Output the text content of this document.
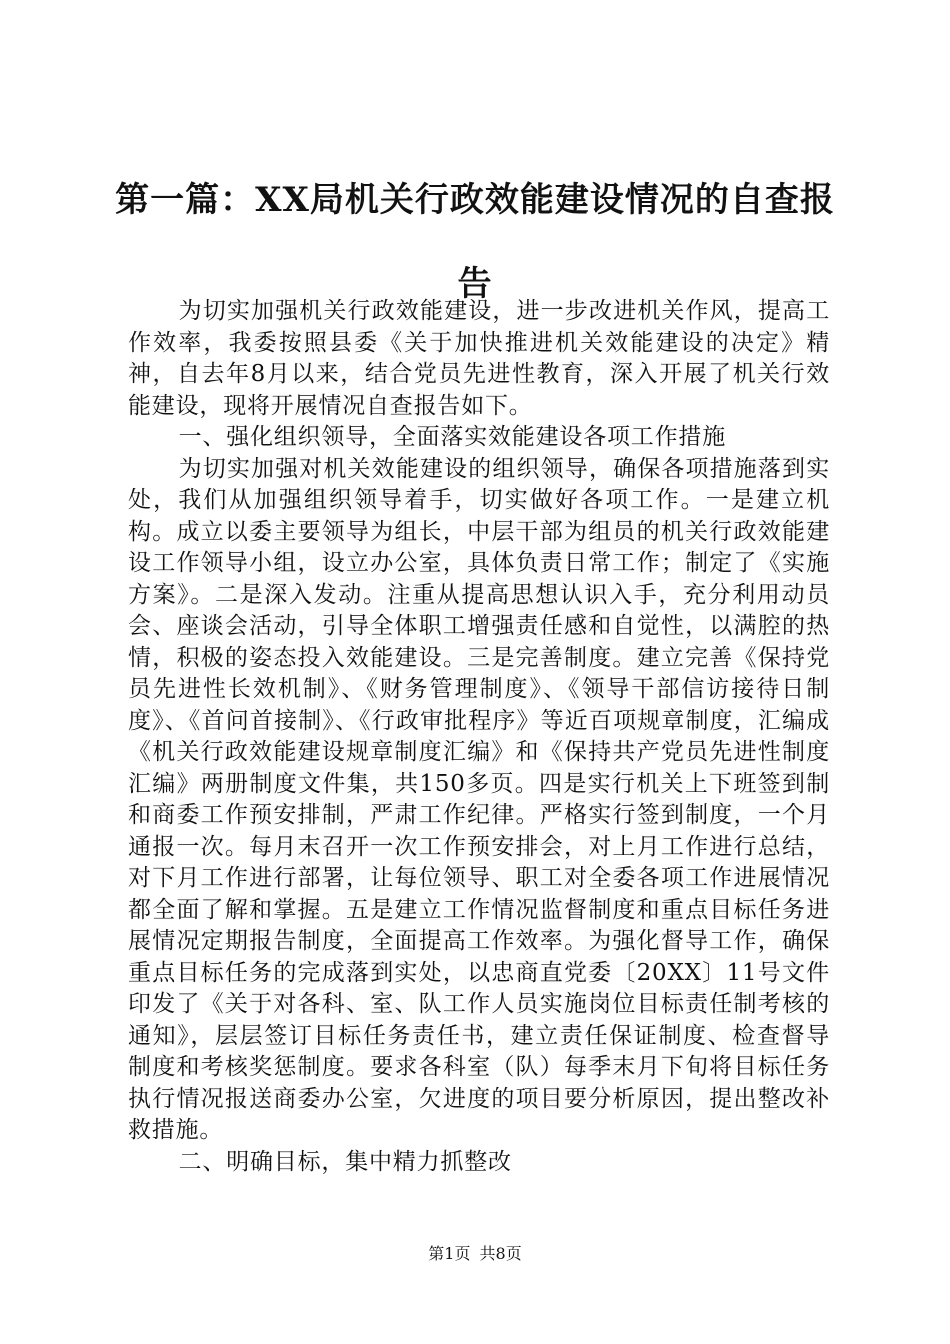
第一篇：XX局机关行政效能建设情况的自查报告

为切实加强机关行政效能建设，进一步改进机关作风，提高工作效率，我委按照县委《关于加快推进机关效能建设的决定》精神，自去年8月以来，结合党员先进性教育，深入开展了机关行效能建设，现将开展情况自查报告如下。

一、强化组织领导，全面落实效能建设各项工作措施

为切实加强对机关效能建设的组织领导，确保各项措施落到实处，我们从加强组织领导着手，切实做好各项工作。一是建立机构。成立以委主要领导为组长，中层干部为组员的机关行政效能建设工作领导小组，设立办公室，具体负责日常工作；制定了《实施方案》。二是深入发动。注重从提高思想认识入手，充分利用动员会、座谈会活动，引导全体职工增强责任感和自觉性，以满腔的热情，积极的姿态投入效能建设。三是完善制度。建立完善《保持党员先进性长效机制》、《财务管理制度》、《领导干部信访接待日制度》、《首问首接制》、《行政审批程序》等近百项规章制度，汇编成《机关行政效能建设规章制度汇编》和《保持共产党员先进性制度汇编》两册制度文件集，共150多页。四是实行机关上下班签到制和商委工作预安排制，严肃工作纪律。严格实行签到制度，一个月通报一次。每月末召开一次工作预安排会，对上月工作进行总结，对下月工作进行部署，让每位领导、职工对全委各项工作进展情况都全面了解和掌握。五是建立工作情况监督制度和重点目标任务进展情况定期报告制度，全面提高工作效率。为强化督导工作，确保重点目标任务的完成落到实处，以忠商直党委〔20XX〕11号文件印发了《关于对各科、室、队工作人员实施岗位目标责任制考核的通知》，层层签订目标任务责任书，建立责任保证制度、检查督导制度和考核奖惩制度。要求各科室（队）每季末月下旬将目标任务执行情况报送商委办公室，欠进度的项目要分析原因，提出整改补救措施。

二、明确目标，集中精力抓整改

第1页 共8页
